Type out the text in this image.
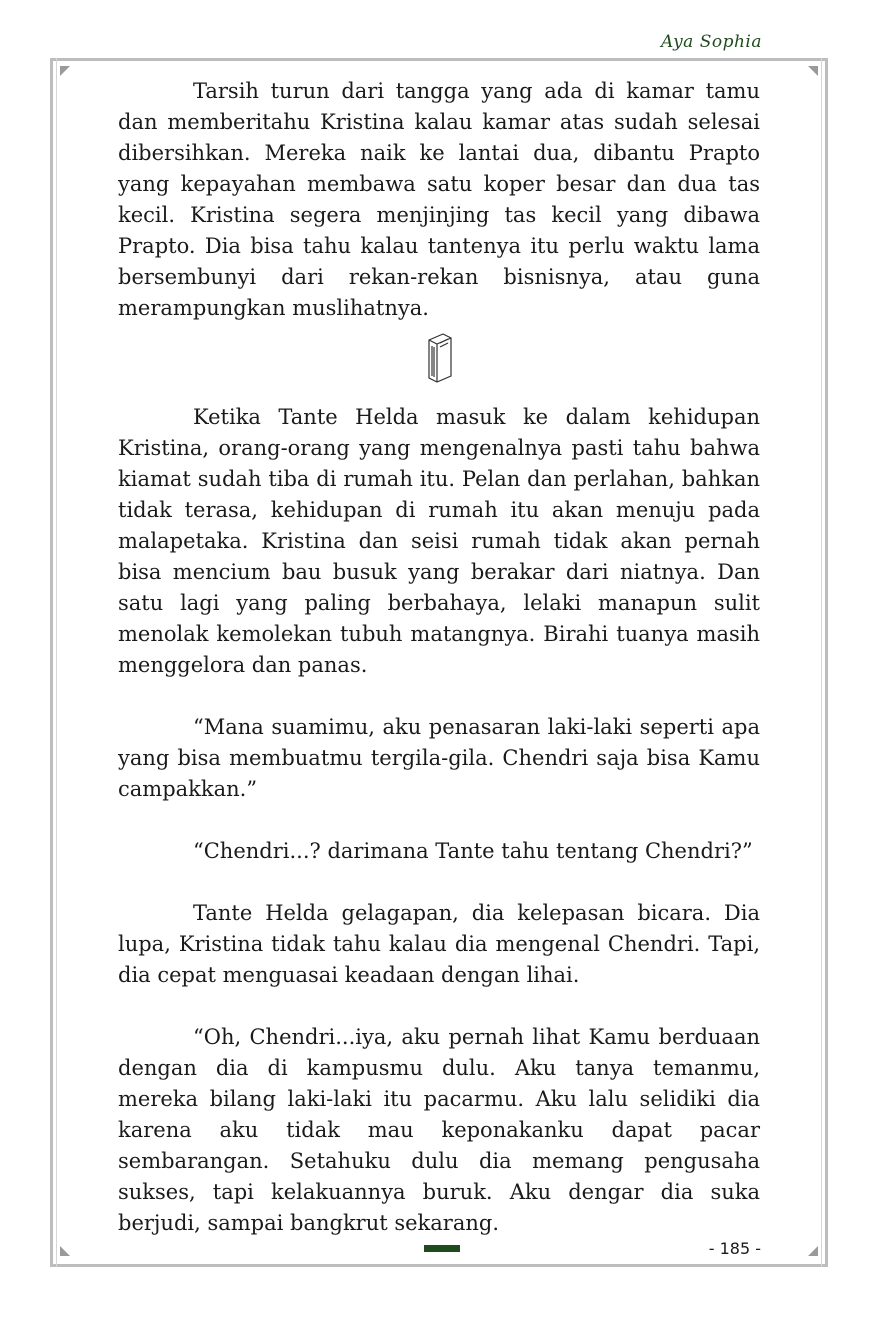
Aya Sophia

Tarsih turun dari tangga yang ada di kamar tamu dan memberitahu Kristina kalau kamar atas sudah selesai dibersihkan. Mereka naik ke lantai dua, dibantu Prapto yang kepayahan membawa satu koper besar dan dua tas kecil. Kristina segera menjinjing tas kecil yang dibawa Prapto. Dia bisa tahu kalau tantenya itu perlu waktu lama bersembunyi dari rekan-rekan bisnisnya, atau guna merampungkan muslihatnya.

Ketika Tante Helda masuk ke dalam kehidupan Kristina, orang-orang yang mengenalnya pasti tahu bahwa kiamat sudah tiba di rumah itu. Pelan dan perlahan, bahkan tidak terasa, kehidupan di rumah itu akan menuju pada malapetaka. Kristina dan seisi rumah tidak akan pernah bisa mencium bau busuk yang berakar dari niatnya. Dan satu lagi yang paling berbahaya, lelaki manapun sulit menolak kemolekan tubuh matangnya. Birahi tuanya masih menggelora dan panas.

“Mana suamimu, aku penasaran laki-laki seperti apa yang bisa membuatmu tergila-gila. Chendri saja bisa Kamu campakkan.”

“Chendri...? darimana Tante tahu tentang Chendri?”

Tante Helda gelagapan, dia kelepasan bicara. Dia lupa, Kristina tidak tahu kalau dia mengenal Chendri. Tapi, dia cepat menguasai keadaan dengan lihai.

“Oh, Chendri...iya, aku pernah lihat Kamu berduaan dengan dia di kampusmu dulu. Aku tanya temanmu, mereka bilang laki-laki itu pacarmu. Aku lalu selidiki dia karena aku tidak mau keponakanku dapat pacar sembarangan. Setahuku dulu dia memang pengusaha sukses, tapi kelakuannya buruk. Aku dengar dia suka berjudi, sampai bangkrut sekarang.

- 185 -
